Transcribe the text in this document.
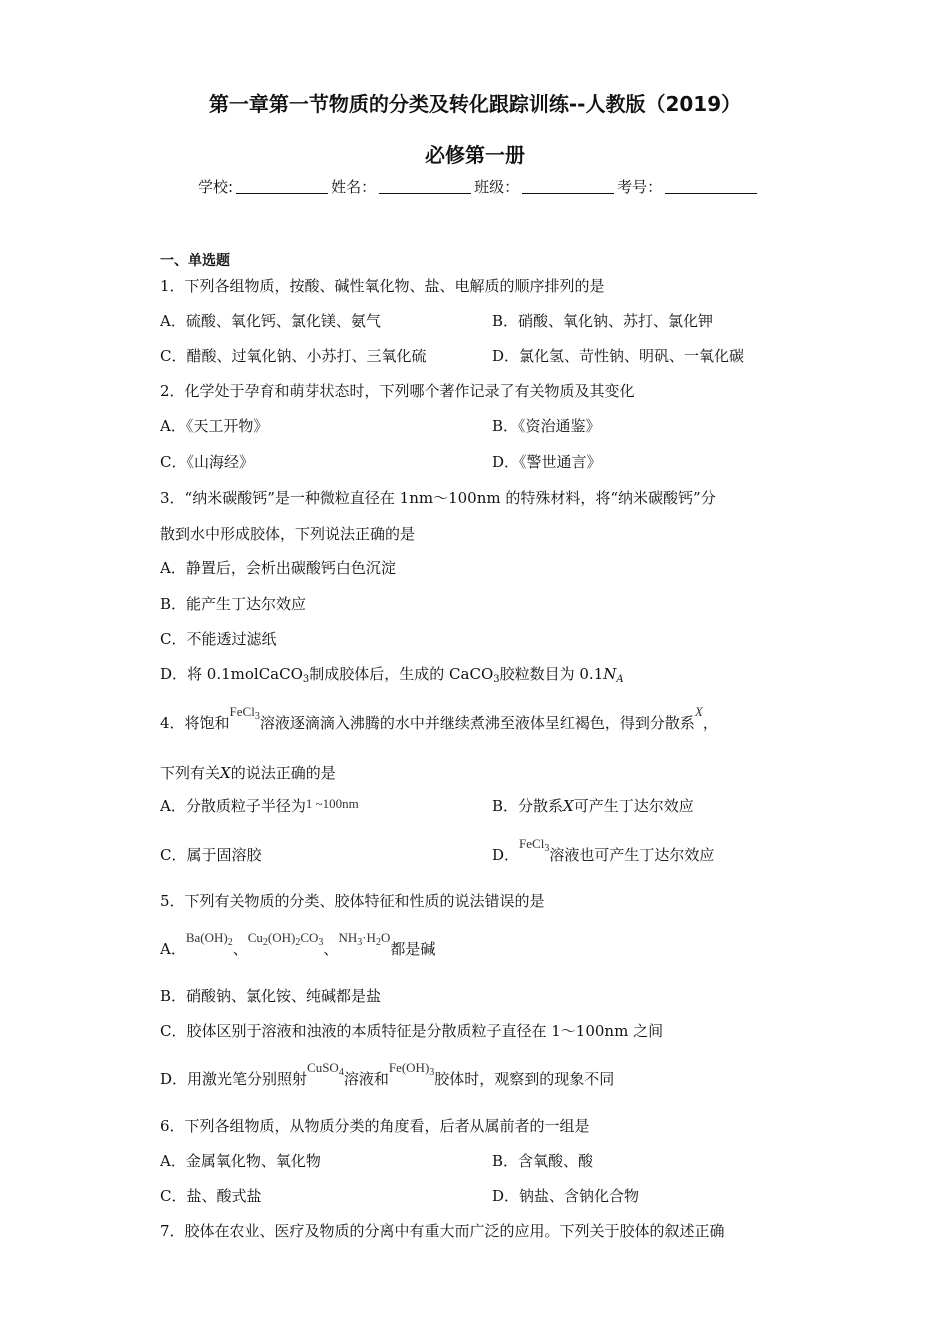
第一章第一节物质的分类及转化跟踪训练--人教版（2019）
必修第一册
学校:	姓名：	班级：	考号：
一、单选题
1．下列各组物质，按酸、碱性氧化物、盐、电解质的顺序排列的是
A．硫酸、氧化钙、氯化镁、氨气	B．硝酸、氧化钠、苏打、氯化钾
C．醋酸、过氧化钠、小苏打、三氧化硫	D．氯化氢、苛性钠、明矾、一氧化碳
2．化学处于孕育和萌芽状态时，下列哪个著作记录了有关物质及其变化
A．《天工开物》	B．《资治通鉴》
C．《山海经》	D．《警世通言》
3．“纳米碳酸钙”是一种微粒直径在 1nm～100nm 的特殊材料，将“纳米碳酸钙”分
散到水中形成胶体，下列说法正确的是
A．静置后，会析出碳酸钙白色沉淀
B．能产生丁达尔效应
C．不能透过滤纸
D．将 0.1molCaCO$_3$制成胶体后，生成的 CaCO$_3$胶粒数目为 $0.1N_A$
4．将饱和FeCl$_3$溶液逐滴滴入沸腾的水中并继续煮沸至液体呈红褐色，得到分散系X，
下列有关X的说法正确的是
A．分散质粒子半径为1 ~100nm	B．分散系X可产生丁达尔效应
C．属于固溶胶	D．FeCl$_3$溶液也可产生丁达尔效应
5．下列有关物质的分类、胶体特征和性质的说法错误的是
A．$Ba(OH)_2$、$Cu_2(OH)_2CO_3$、$NH_3\cdot H_2O$都是碱
B．硝酸钠、氯化铵、纯碱都是盐
C．胶体区别于溶液和浊液的本质特征是分散质粒子直径在 1～100nm 之间
D．用激光笔分别照射CuSO$_4$溶液和$Fe(OH)_3$胶体时，观察到的现象不同
6．下列各组物质，从物质分类的角度看，后者从属前者的一组是
A．金属氧化物、氧化物	B．含氧酸、酸
C．盐、酸式盐	D．钠盐、含钠化合物
7．胶体在农业、医疗及物质的分离中有重大而广泛的应用。下列关于胶体的叙述正确
